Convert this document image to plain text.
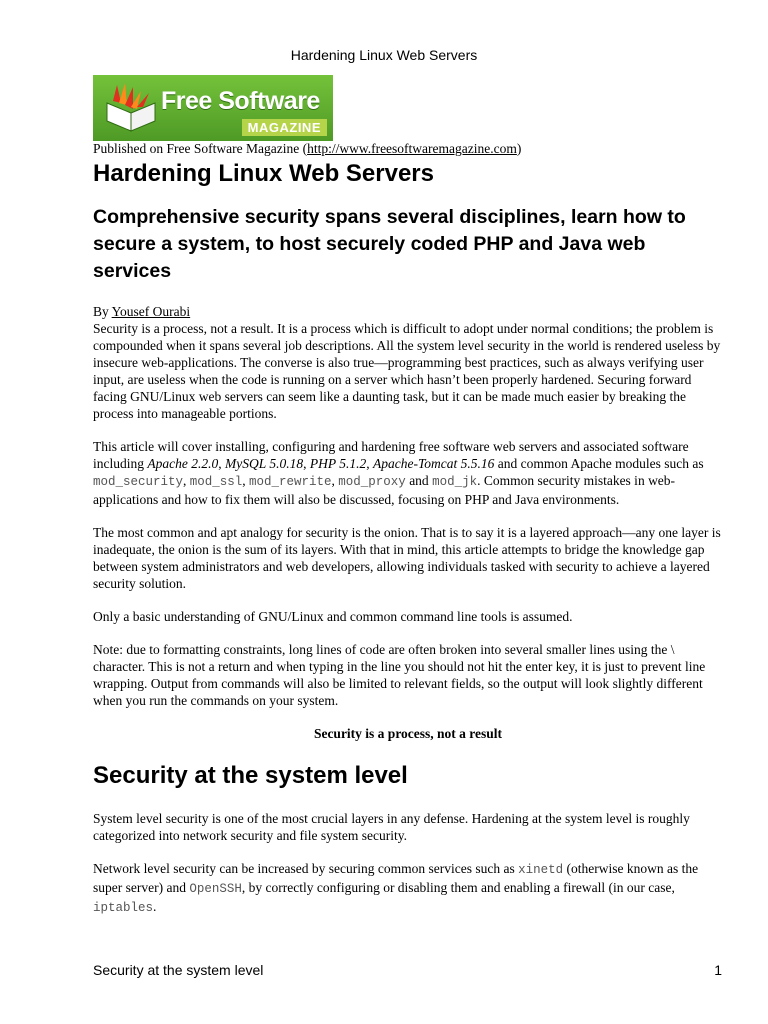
Hardening Linux Web Servers
Free Software
MAGAZINE
Published on Free Software Magazine (http://www.freesoftwaremagazine.com)
Hardening Linux Web Servers
Comprehensive security spans several disciplines, learn how to secure a system, to host securely coded PHP and Java web services
By Yousef Ourabi

Security is a process, not a result. It is a process which is difficult to adopt under normal conditions; the problem is compounded when it spans several job descriptions. All the system level security in the world is rendered useless by insecure web-applications. The converse is also true—programming best practices, such as always verifying user input, are useless when the code is running on a server which hasn’t been properly hardened. Securing forward facing GNU/Linux web servers can seem like a daunting task, but it can be made much easier by breaking the process into manageable portions.

This article will cover installing, configuring and hardening free software web servers and associated software including Apache 2.2.0, MySQL 5.0.18, PHP 5.1.2, Apache-Tomcat 5.5.16 and common Apache modules such as mod_security, mod_ssl, mod_rewrite, mod_proxy and mod_jk. Common security mistakes in web-applications and how to fix them will also be discussed, focusing on PHP and Java environments.

The most common and apt analogy for security is the onion. That is to say it is a layered approach—any one layer is inadequate, the onion is the sum of its layers. With that in mind, this article attempts to bridge the knowledge gap between system administrators and web developers, allowing individuals tasked with security to achieve a layered security solution.

Only a basic understanding of GNU/Linux and common command line tools is assumed.

Note: due to formatting constraints, long lines of code are often broken into several smaller lines using the \ character. This is not a return and when typing in the line you should not hit the enter key, it is just to prevent line wrapping. Output from commands will also be limited to relevant fields, so the output will look slightly different when you run the commands on your system.

Security is a process, not a result

Security at the system level

System level security is one of the most crucial layers in any defense. Hardening at the system level is roughly categorized into network security and file system security.

Network level security can be increased by securing common services such as xinetd (otherwise known as the super server) and OpenSSH, by correctly configuring or disabling them and enabling a firewall (in our case, iptables.

Security at the system level	1
